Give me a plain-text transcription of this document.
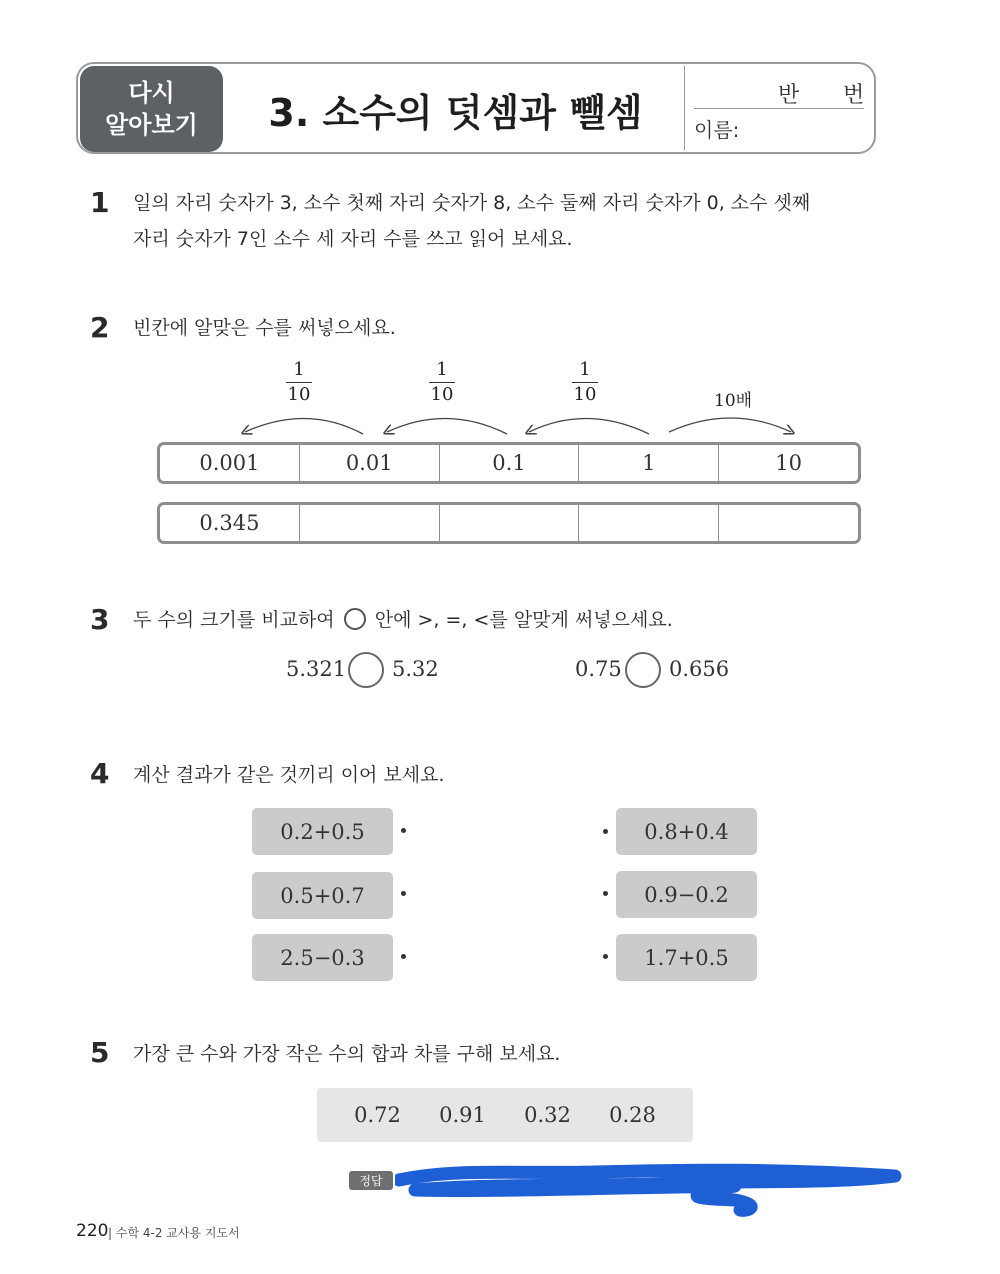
다시
알아보기	3. 소수의 덧셈과 뺄셈	반 번
이름:
1 일의 자리 숫자가 3, 소수 첫째 자리 숫자가 8, 소수 둘째 자리 숫자가 0, 소수 셋째
자리 숫자가 7인 소수 세 자리 수를 쓰고 읽어 보세요.
2 빈칸에 알맞은 수를 써넣으세요.
1
10
1
10
1
10	10배
0.001	0.01	0.1	1	10
0.345
3 두 수의 크기를 비교하여 안에 >, =, <를 알맞게 써넣으세요.
5.321 5.32	0.75 0.656
4 계산 결과가 같은 것끼리 이어 보세요.
0.2+0.5
0.5+0.7
2.5−0.3
0.8+0.4
0.9−0.2
1.7+0.5
5 가장 큰 수와 가장 작은 수의 합과 차를 구해 보세요.
0.72 0.91 0.32 0.28
정답
220 | 수학 4-2 교사용 지도서
